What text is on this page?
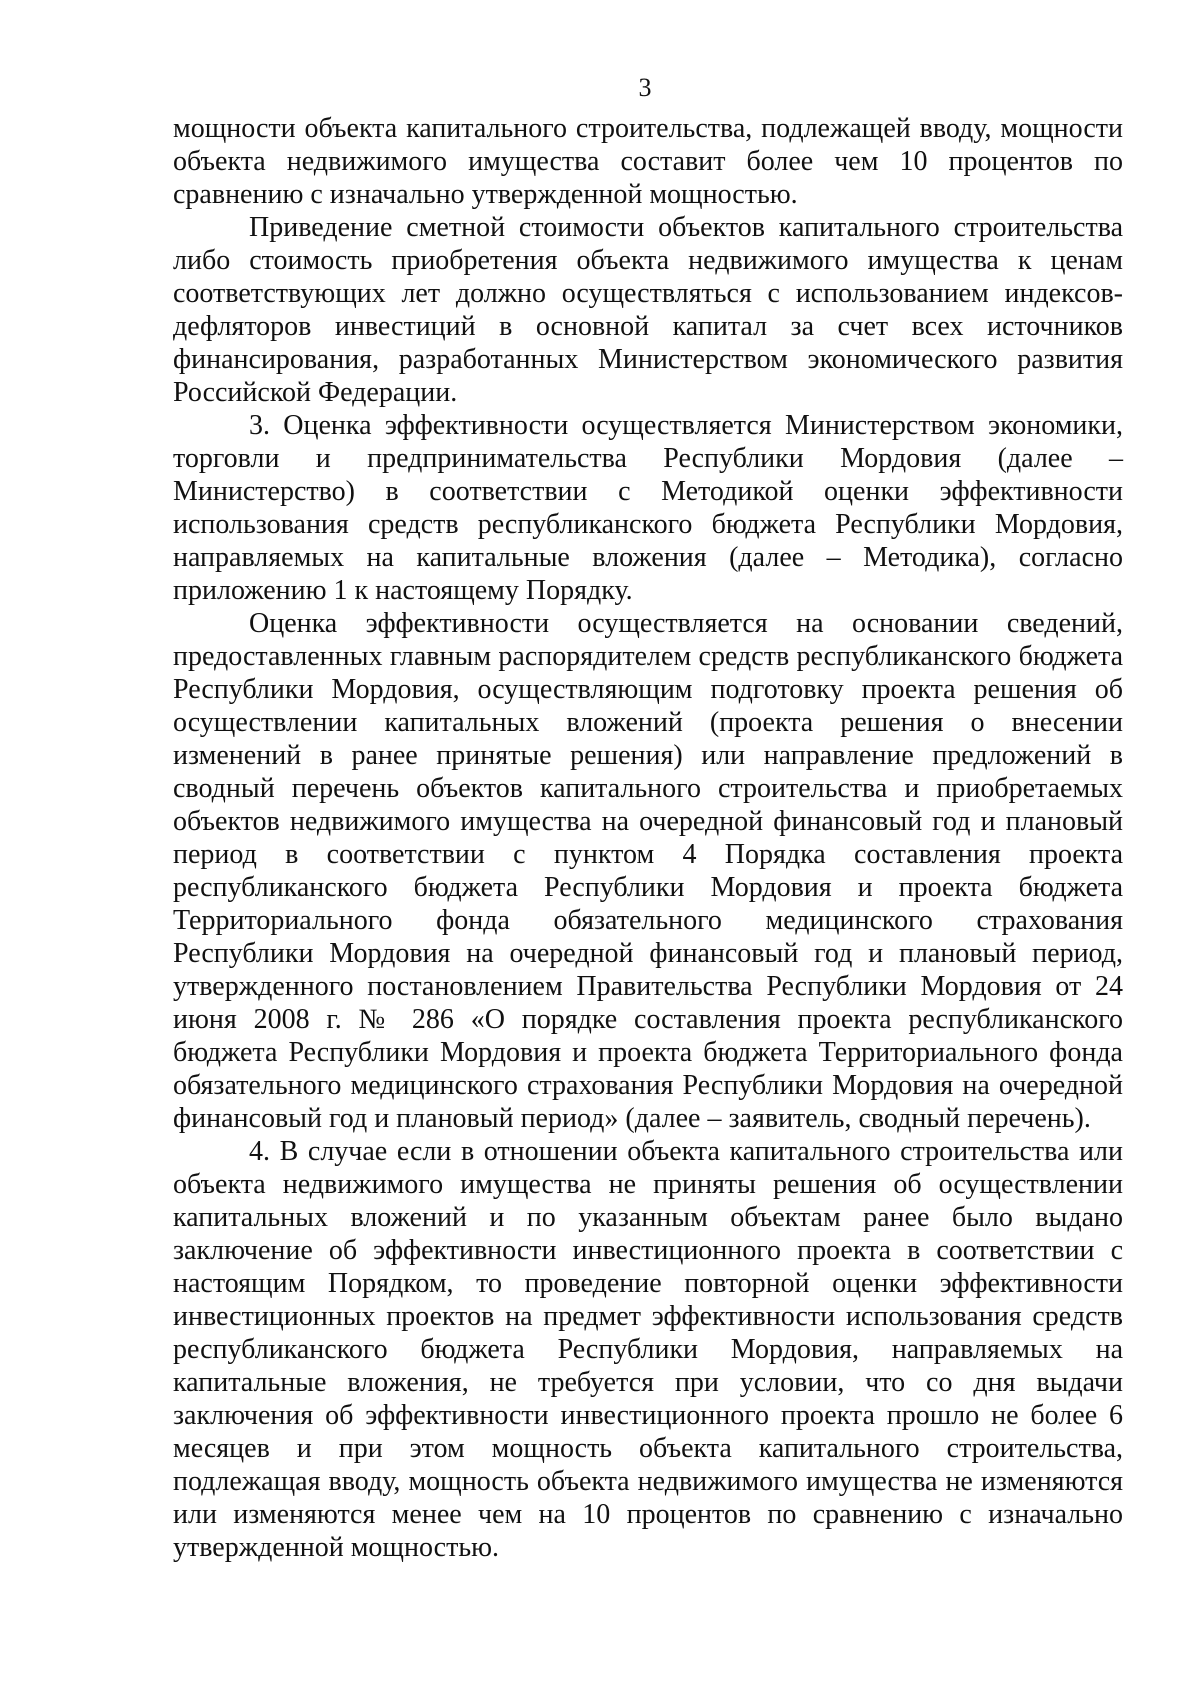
3

мощности объекта капитального строительства, подлежащей вводу, мощности объекта недвижимого имущества составит более чем 10 процентов по сравнению с изначально утвержденной мощностью.

Приведение сметной стоимости объектов капитального строительства либо стоимость приобретения объекта недвижимого имущества к ценам соответствующих лет должно осуществляться с использованием индексов-дефляторов инвестиций в основной капитал за счет всех источников финансирования, разработанных Министерством экономического развития Российской Федерации.

3. Оценка эффективности осуществляется Министерством экономики, торговли и предпринимательства Республики Мордовия (далее – Министерство) в соответствии с Методикой оценки эффективности использования средств республиканского бюджета Республики Мордовия, направляемых на капитальные вложения (далее – Методика), согласно приложению 1 к настоящему Порядку.

Оценка эффективности осуществляется на основании сведений, предоставленных главным распорядителем средств республиканского бюджета Республики Мордовия, осуществляющим подготовку проекта решения об осуществлении капитальных вложений (проекта решения о внесении изменений в ранее принятые решения) или направление предложений в сводный перечень объектов капитального строительства и приобретаемых объектов недвижимого имущества на очередной финансовый год и плановый период в соответствии с пунктом 4 Порядка составления проекта республиканского бюджета Республики Мордовия и проекта бюджета Территориального фонда обязательного медицинского страхования Республики Мордовия на очередной финансовый год и плановый период, утвержденного постановлением Правительства Республики Мордовия от 24 июня 2008 г. № 286 «О порядке составления проекта республиканского бюджета Республики Мордовия и проекта бюджета Территориального фонда обязательного медицинского страхования Республики Мордовия на очередной финансовый год и плановый период» (далее – заявитель, сводный перечень).

4. В случае если в отношении объекта капитального строительства или объекта недвижимого имущества не приняты решения об осуществлении капитальных вложений и по указанным объектам ранее было выдано заключение об эффективности инвестиционного проекта в соответствии с настоящим Порядком, то проведение повторной оценки эффективности инвестиционных проектов на предмет эффективности использования средств республиканского бюджета Республики Мордовия, направляемых на капитальные вложения, не требуется при условии, что со дня выдачи заключения об эффективности инвестиционного проекта прошло не более 6 месяцев и при этом мощность объекта капитального строительства, подлежащая вводу, мощность объекта недвижимого имущества не изменяются или изменяются менее чем на 10 процентов по сравнению с изначально утвержденной мощностью.
